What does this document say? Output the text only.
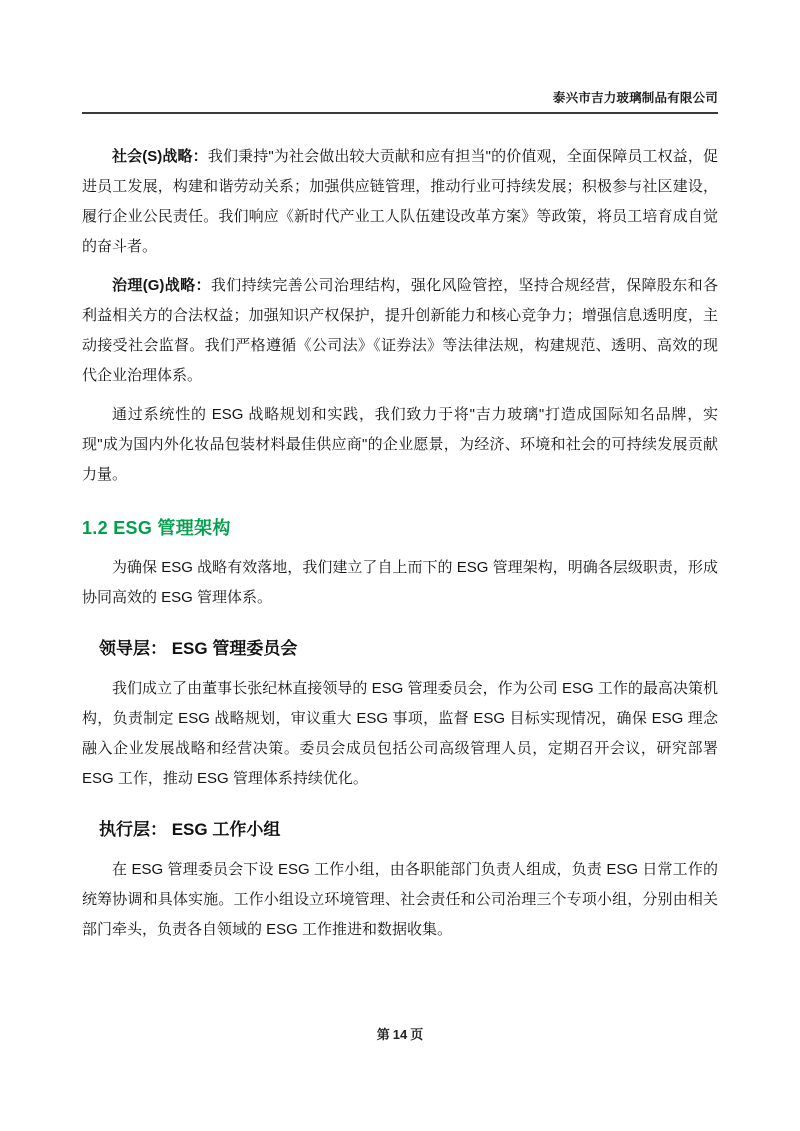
泰兴市吉力玻璃制品有限公司

社会(S)战略：我们秉持"为社会做出较大贡献和应有担当"的价值观，全面保障员工权益，促进员工发展，构建和谐劳动关系；加强供应链管理，推动行业可持续发展；积极参与社区建设，履行企业公民责任。我们响应《新时代产业工人队伍建设改革方案》等政策，将员工培育成自觉的奋斗者。

治理(G)战略：我们持续完善公司治理结构，强化风险管控，坚持合规经营，保障股东和各利益相关方的合法权益；加强知识产权保护，提升创新能力和核心竞争力；增强信息透明度，主动接受社会监督。我们严格遵循《公司法》《证券法》等法律法规，构建规范、透明、高效的现代企业治理体系。

通过系统性的 ESG 战略规划和实践，我们致力于将"吉力玻璃"打造成国际知名品牌，实现"成为国内外化妆品包装材料最佳供应商"的企业愿景，为经济、环境和社会的可持续发展贡献力量。

1.2 ESG 管理架构

为确保 ESG 战略有效落地，我们建立了自上而下的 ESG 管理架构，明确各层级职责，形成协同高效的 ESG 管理体系。

领导层： ESG 管理委员会

我们成立了由董事长张纪林直接领导的 ESG 管理委员会，作为公司 ESG 工作的最高决策机构，负责制定 ESG 战略规划，审议重大 ESG 事项，监督 ESG 目标实现情况，确保 ESG 理念融入企业发展战略和经营决策。委员会成员包括公司高级管理人员，定期召开会议，研究部署 ESG 工作，推动 ESG 管理体系持续优化。

执行层： ESG 工作小组

在 ESG 管理委员会下设 ESG 工作小组，由各职能部门负责人组成，负责 ESG 日常工作的统筹协调和具体实施。工作小组设立环境管理、社会责任和公司治理三个专项小组，分别由相关部门牵头，负责各自领域的 ESG 工作推进和数据收集。

第 14 页
